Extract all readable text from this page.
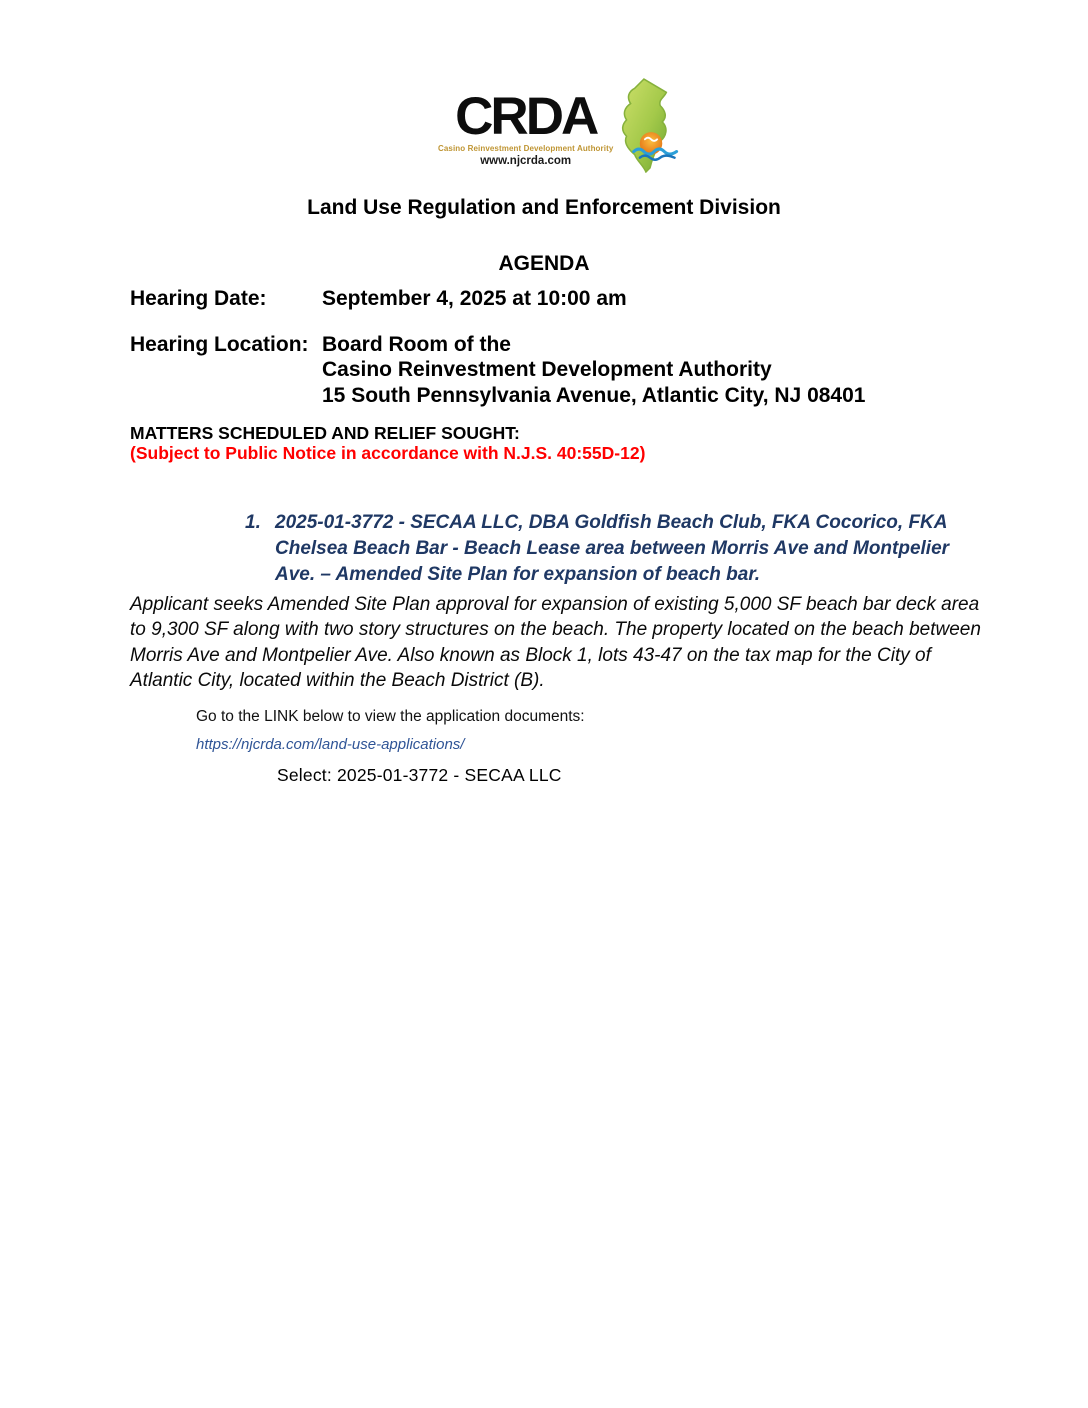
CRDA
Casino Reinvestment Development Authority
www.njcrda.com
Land Use Regulation and Enforcement Division
AGENDA
Hearing Date:	September 4, 2025 at 10:00 am
Hearing Location: Board Room of the
Casino Reinvestment Development Authority
15 South Pennsylvania Avenue, Atlantic City, NJ 08401
MATTERS SCHEDULED AND RELIEF SOUGHT:
(Subject to Public Notice in accordance with N.J.S. 40:55D-12)
1. 2025-01-3772 - SECAA LLC, DBA Goldfish Beach Club, FKA Cocorico, FKA Chelsea Beach Bar - Beach Lease area between Morris Ave and Montpelier Ave. – Amended Site Plan for expansion of beach bar.
Applicant seeks Amended Site Plan approval for expansion of existing 5,000 SF beach bar deck area to 9,300 SF along with two story structures on the beach. The property located on the beach between Morris Ave and Montpelier Ave. Also known as Block 1, lots 43-47 on the tax map for the City of Atlantic City, located within the Beach District (B).
Go to the LINK below to view the application documents:
https://njcrda.com/land-use-applications/
Select: 2025-01-3772 - SECAA LLC
